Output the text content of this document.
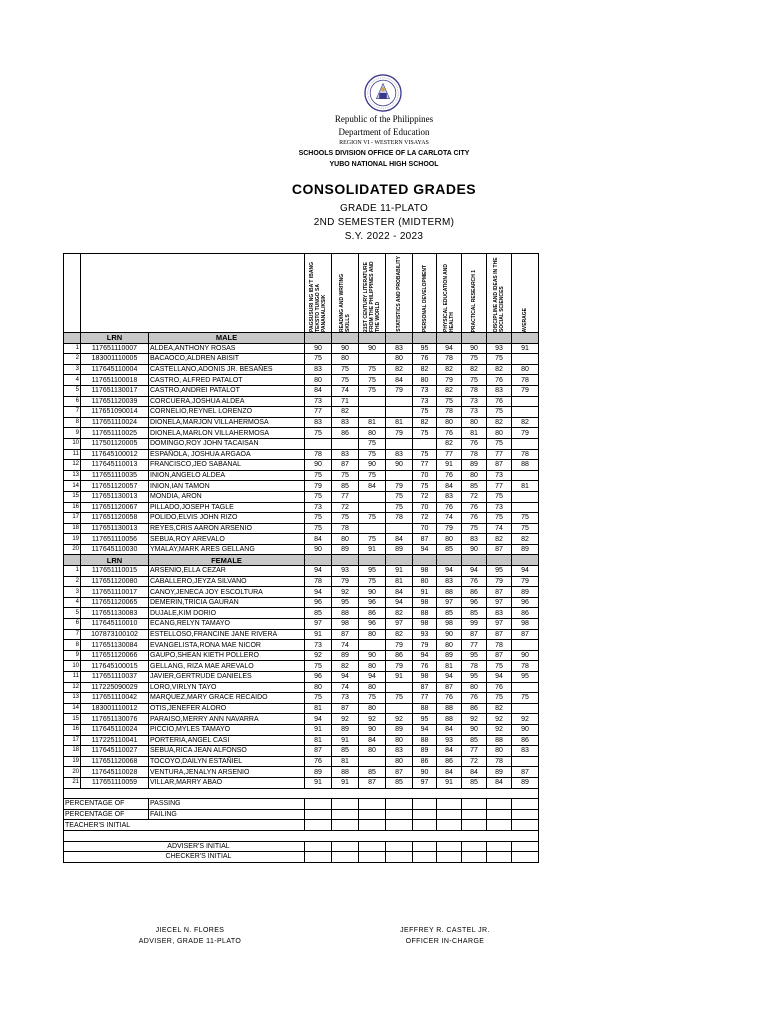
Republic of the Philippines
Department of Education
REGION VI - WESTERN VISAYAS
SCHOOLS DIVISION OFFICE OF LA CARLOTA CITY
YUBO NATIONAL HIGH SCHOOL
CONSOLIDATED GRADES
GRADE 11-PLATO
2ND SEMESTER (MIDTERM)
S.Y. 2022 - 2023

			PAGSUSURI NG IBA'T IBANG TEKSTO TUNGO SA PANANALIKSIK	READING AND WRITING SKILLS	21ST CENTURY LITERATURE FROM THE PHILIPPINES AND THE WORLD	STATISTICS AND PROBABILITY	PERSONAL DEVELOPMENT	PHYSICAL EDUCATION AND HEALTH	PRACTICAL RESEARCH 1	DISCIPLINE AND IDEAS IN THE SOCIAL SCIENCES	AVERAGE

	LRN	MALE									
1	117651110007	ALDEA,ANTHONY ROSAS	90	90	90	83	95	94	90	93	91
2	183001110005	BACAOCO,ALDREN ABISIT	75	80		80	76	78	75	75	
3	117645110004	CASTELLANO,ADONIS JR. BESAÑES	83	75	75	82	82	82	82	82	80
4	117651100018	CASTRO, ALFRED PATALOT	80	75	75	84	80	79	75	76	78
5	117651130017	CASTRO,ANDREI PATALOT	84	74	75	79	73	82	78	83	79
6	117651120039	CORCUERA,JOSHUA ALDEA	73	71			73	75	73	76	
7	117651090014	CORNELIO,REYNEL LORENZO	77	82			75	78	73	75	
8	117651110024	DIONELA,MARJON VILLAHERMOSA	83	83	81	81	82	80	80	82	82
9	117651110025	DIONELA,MARLON VILLAHERMOSA	75	86	80	79	75	76	81	80	79
10	117501120005	DOMINGO,ROY JOHN TACAISAN			75			82	76	75	
11	117645100012	ESPAÑOLA, JOSHUA ARGAOA	78	83	75	83	75	77	78	77	78
12	117645110013	FRANCISCO,JEO SABANAL	90	87	90	90	77	91	89	87	88
13	117651110035	INION,ANGELO ALDEA	75	75	75		70	76	80	73	
14	117651120057	INION,IAN TAMON	79	85	84	79	75	84	85	77	81
15	117651130013	MONDIA, ARON	75	77		75	72	83	72	75	
16	117651120067	PILLADO,JOSEPH TAGLE	73	72		75	70	76	76	73	
17	117651120058	POLIDO,ELVIS JOHN RIZO	75	75	75	78	72	74	76	75	75
18	117651130013	REYES,CRIS AARON ARSENIO	75	78			70	79	75	74	75
19	117651110056	SEBUA,ROY AREVALO	84	80	75	84	87	80	83	82	82
20	117645110030	YMALAY,MARK ARES GELLANG	90	89	91	89	94	85	90	87	89
	LRN	FEMALE									
1	117651110015	ARSENIO,ELLA CEZAR	94	93	95	91	98	94	94	95	94
2	117651120080	CABALLERO,JEYZA SILVANO	78	79	75	81	80	83	76	79	79
3	117651110017	CANOY,JENECA JOY ESCOLTURA	94	92	90	84	91	88	86	87	89
4	117651120065	DEMERIN,TRICIA GAURAN	96	95	96	94	98	97	96	97	96
5	117651130083	DUJALE,KIM DORIO	85	88	86	82	88	85	85	83	86
6	117645110010	ECANG,RELYN TAMAYO	97	98	96	97	98	98	99	97	98
7	107873100102	ESTELLOSO,FRANCINE JANE RIVERA	91	87	80	82	93	90	87	87	87
8	117651130084	EVANGELISTA,RONA MAE NICOR	73	74		79	79	80	77	78	
9	117651120066	GAUPO,SHEAN KIETH POLLERO	92	89	90	86	94	89	95	87	90
10	117645100015	GELLANG, RIZA MAE AREVALO	75	82	80	79	76	81	78	75	78
11	117651110037	JAVIER,GERTRUDE DANIELES	96	94	94	91	98	94	95	94	95
12	117225090029	LORO,VIRLYN TAYO	80	74	80		87	87	80	76	
13	117651110042	MARQUEZ,MARY GRACE RECAIDO	75	73	75	75	77	76	76	75	75
14	183001110012	OTIS,JENEFER ALORO	81	87	80		88	88	86	82	
15	117651130076	PARAISO,MERRY ANN NAVARRA	94	92	92	92	95	88	92	92	92
16	117645110024	PICCIO,MYLES TAMAYO	91	89	90	89	94	84	90	92	90
17	117225110041	PORTERIA,ANGEL CASI	81	91	84	80	88	93	85	88	86
18	117645110027	SEBUA,RICA JEAN ALFONSO	87	85	80	83	89	84	77	80	83
19	117651120068	TOCOYO,DAILYN ESTAÑIEL	76	81		80	86	86	72	78	
20	117645110028	VENTURA,JENALYN ARSENIO	89	88	85	87	90	84	84	89	87
21	117651110059	VILLAR,MARRY ABAO	91	91	87	85	97	91	85	84	89

PERCENTAGE OF		PASSING									
PERCENTAGE OF		FAILING									
TEACHER'S INITIAL											

ADVISER'S INITIAL											
CHECKER'S INITIAL											
JIECEL N. FLORES
ADVISER, GRADE 11-PLATO
JEFFREY R. CASTEL JR.
OFFICER IN-CHARGE
